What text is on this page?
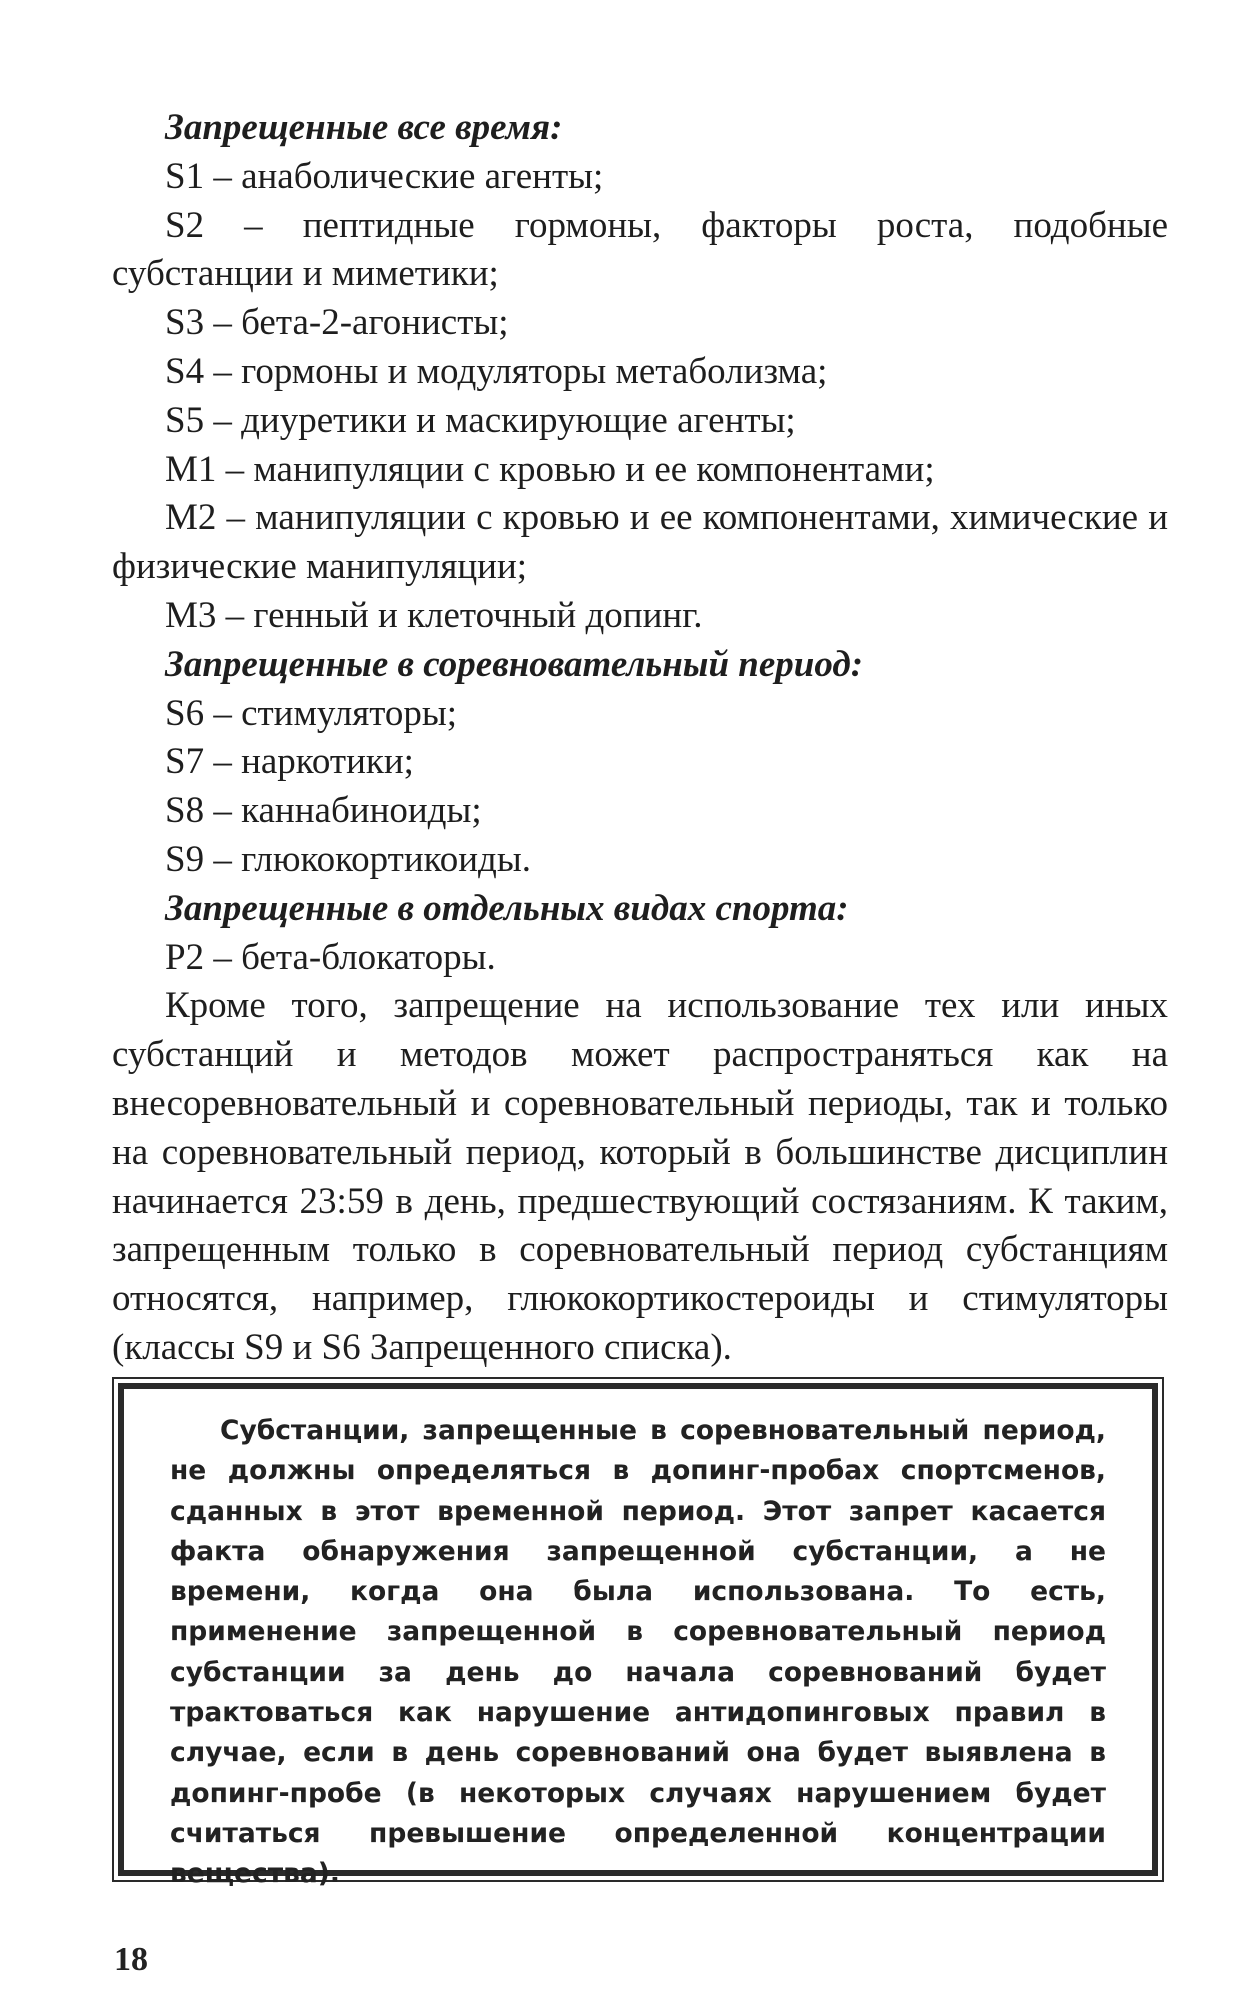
Запрещенные все время:

S1 – анаболические агенты;

S2 – пептидные гормоны, факторы роста, подобные субстанции и миметики;

S3 – бета-2-агонисты;

S4 – гормоны и модуляторы метаболизма;

S5 – диуретики и маскирующие агенты;

M1 – манипуляции с кровью и ее компонентами;

M2 – манипуляции с кровью и ее компонентами, химические и физические манипуляции;

M3 – генный и клеточный допинг.

Запрещенные в соревновательный период:

S6 – стимуляторы;

S7 – наркотики;

S8 – каннабиноиды;

S9 – глюкокортикоиды.

Запрещенные в отдельных видах спорта:

P2 – бета-блокаторы.

Кроме того, запрещение на использование тех или иных субстанций и методов может распространяться как на внесоревновательный и соревновательный периоды, так и только на соревновательный период, который в большинстве дисциплин начинается 23:59 в день, предшествующий состязаниям. К таким, запрещенным только в соревновательный период субстанциям относятся, например, глюкокортикостероиды и стимуляторы (классы S9 и S6 Запрещенного списка).

Субстанции, запрещенные в соревновательный период, не должны определяться в допинг-пробах спортсменов, сданных в этот временной период. Этот запрет касается факта обнаружения запрещенной субстанции, а не времени, когда она была использована. То есть, применение запрещенной в соревновательный период субстанции за день до начала соревнований будет трактоваться как нарушение антидопинговых правил в случае, если в день соревнований она будет выявлена в допинг-пробе (в некоторых случаях нарушением будет считаться превышение определенной концентрации вещества).

18
